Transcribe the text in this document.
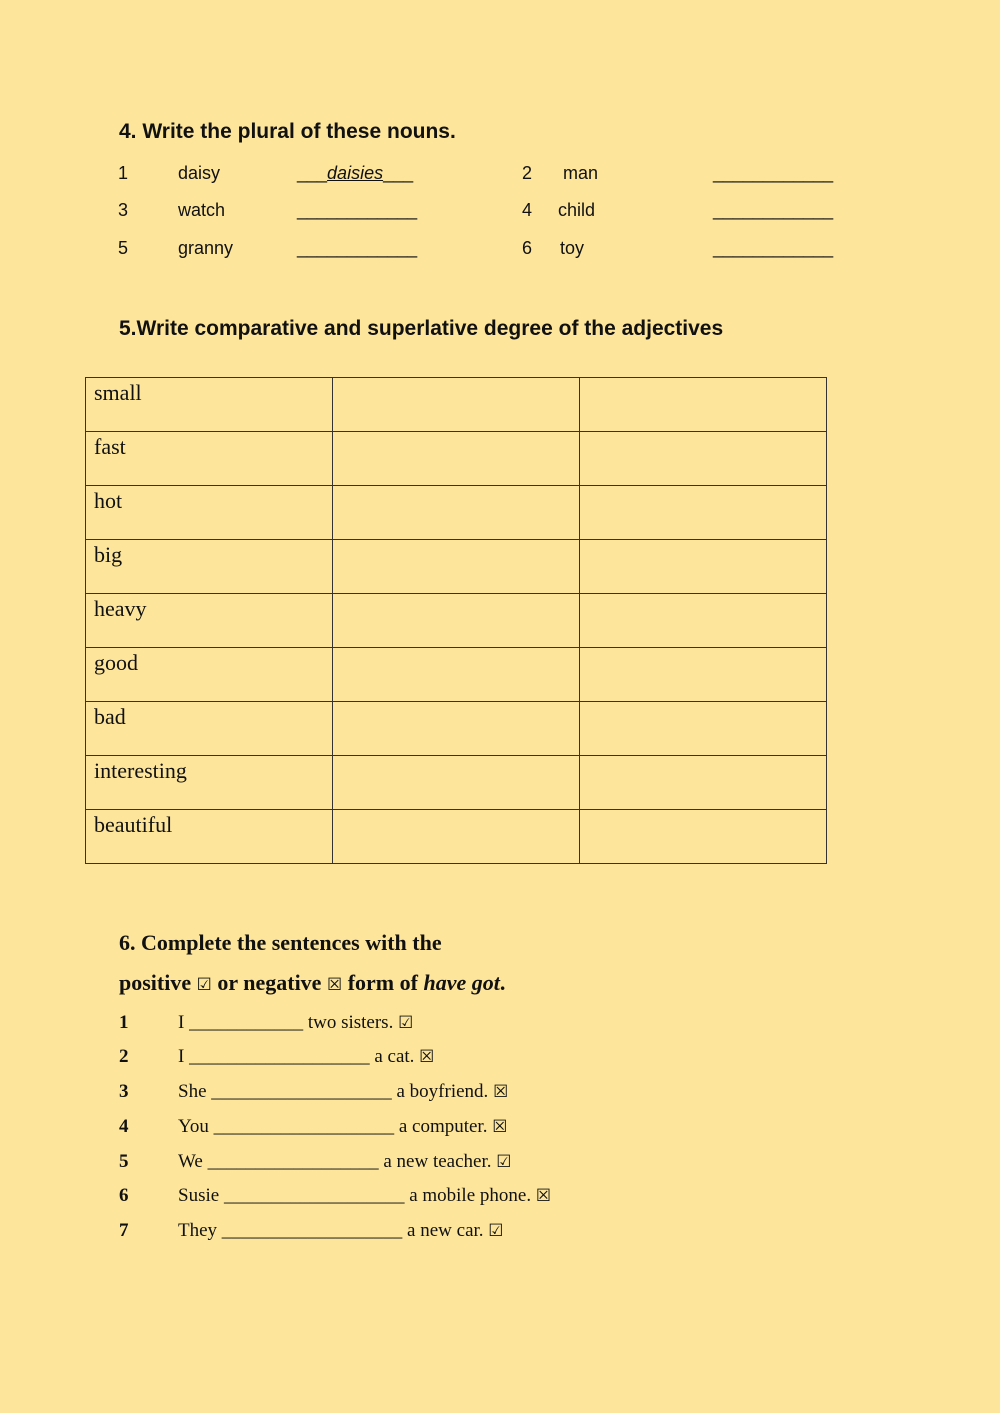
4. Write the plural of these nouns.
1	daisy	___daisies___	2 man	____________
3	watch	____________	4 child	____________
5	granny	____________	6 toy	____________
5.Write comparative and superlative degree of the adjectives
small		

fast		

hot		

big		

heavy		

good		

bad		

interesting		

beautiful		

6. Complete the sentences with the
positive ☑ or negative ☒ form of have got.
1	I ____________ two sisters. ☑
2	I ___________________ a cat. ☒
3	She ___________________ a boyfriend. ☒
4	You ___________________ a computer. ☒
5	We __________________ a new teacher. ☑
6	Susie ___________________ a mobile phone. ☒
7	They ___________________ a new car. ☑
